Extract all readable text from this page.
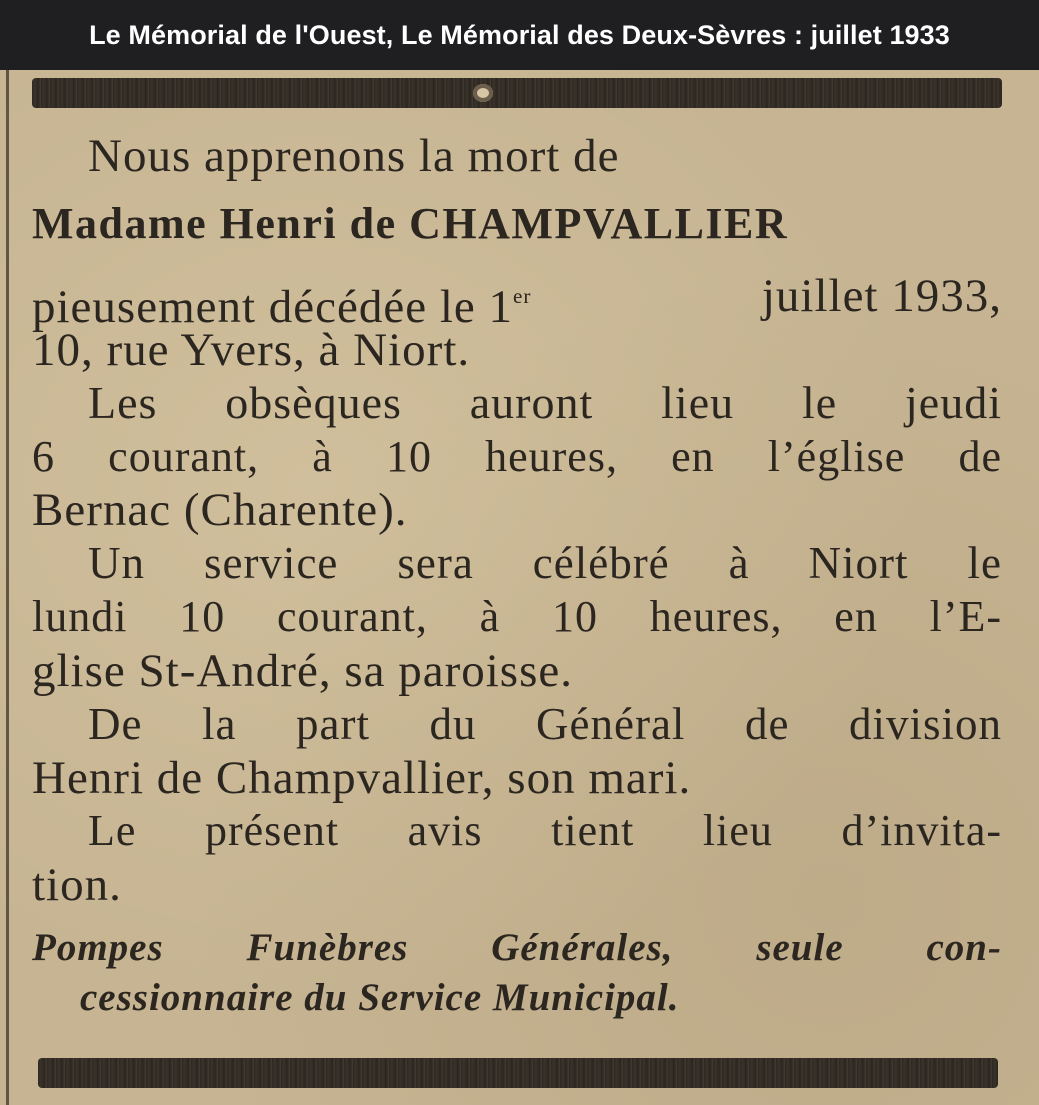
Le Mémorial de l'Ouest, Le Mémorial des Deux-Sèvres : juillet 1933
Nous apprenons la mort de
Madame Henri de CHAMPVALLIER
pieusement décédée le 1er	juillet 1933,
10, rue Yvers, à Niort.
Les obsèques auront lieu le jeudi
6 courant, à 10 heures, en l’église de
Bernac (Charente).
Un service sera célébré à Niort le
lundi 10 courant, à 10 heures, en l’E-
glise St-André, sa paroisse.
De la part du Général de division
Henri de Champvallier, son mari.
Le présent avis tient lieu d’invita-
tion.
Pompes Funèbres Générales, seule con-
cessionnaire du Service Municipal.
